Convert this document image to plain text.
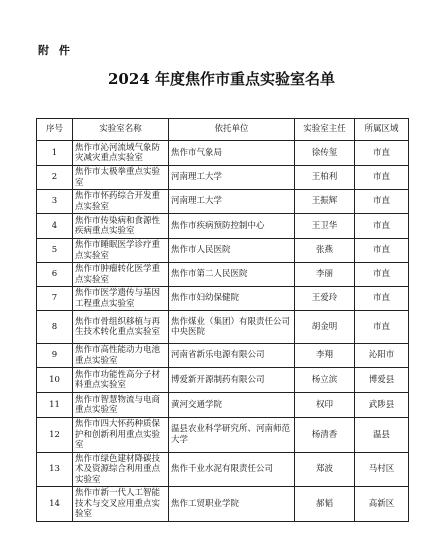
附 件
2024 年度焦作市重点实验室名单
序号	实验室名称	依托单位	实验室主任	所属区域
1	焦作市沁河流域气象防灾减灾重点实验室	焦作市气象局	徐传玺	市直
2	焦作市太极拳重点实验室	河南理工大学	王柏利	市直
3	焦作市怀药综合开发重点实验室	河南理工大学	王振辉	市直
4	焦作市传染病和食源性疾病重点实验室	焦作市疾病预防控制中心	王卫华	市直
5	焦作市睡眠医学诊疗重点实验室	焦作市人民医院	张燕	市直
6	焦作市肿瘤转化医学重点实验室	焦作市第二人民医院	李丽	市直
7	焦作市医学遗传与基因工程重点实验室	焦作市妇幼保健院	王爱玲	市直
8	焦作市骨组织移植与再生技术转化重点实验室	焦作煤业（集团）有限责任公司中央医院	胡金明	市直
9	焦作市高性能动力电池重点实验室	河南省新乐电源有限公司	李翔	沁阳市
10	焦作市功能性高分子材料重点实验室	博爱新开源制药有限公司	杨立滨	博爱县
11	焦作市智慧物流与电商重点实验室	黄河交通学院	权印	武陟县
12	焦作市四大怀药种质保护和创新利用重点实验室	温县农业科学研究所、河南师范大学	杨清香	温县
13	焦作市绿色建材降碳技术及资源综合利用重点实验室	焦作千业水泥有限责任公司	郑波	马村区
14	焦作市新一代人工智能技术与交叉应用重点实验室	焦作工贸职业学院	郝韬	高新区
